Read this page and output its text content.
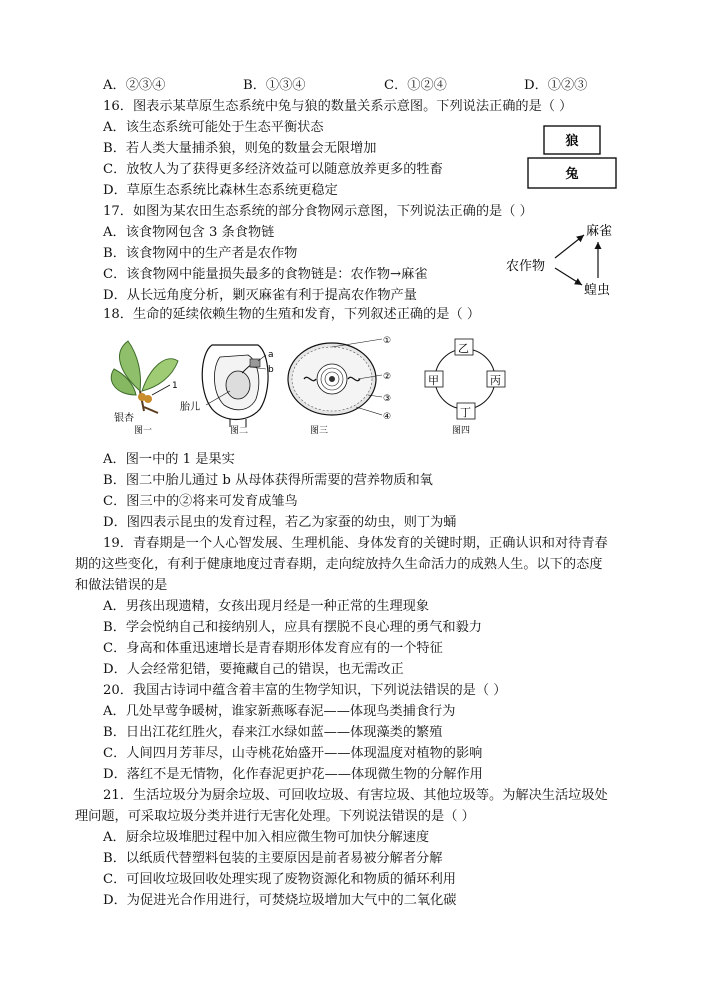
A．②③④	B．①③④	C．①②④	D．①②③
16．图表示某草原生态系统中兔与狼的数量关系示意图。下列说法正确的是（ ）
A．该生态系统可能处于生态平衡状态
B．若人类大量捕杀狼，则兔的数量会无限增加
C．放牧人为了获得更多经济效益可以随意放养更多的牲畜
D．草原生态系统比森林生态系统更稳定
狼
兔
17．如图为某农田生态系统的部分食物网示意图，下列说法正确的是（ ）
A．该食物网包含 3 条食物链
B．该食物网中的生产者是农作物
C．该食物网中能量损失最多的食物链是：农作物→麻雀
D．从长远角度分析，剿灭麻雀有利于提高农作物产量
农作物
麻雀
蝗虫
18．生命的延续依赖生物的生殖和发育，下列叙述正确的是（ ）
1
银杏
图一
a
b
胎儿
图二
①
②
③
④
图三
乙
丙
丁
甲
图四
A．图一中的 1 是果实
B．图二中胎儿通过 b 从母体获得所需要的营养物质和氧
C．图三中的②将来可发育成雏鸟
D．图四表示昆虫的发育过程，若乙为家蚕的幼虫，则丁为蛹
19．青春期是一个人心智发展、生理机能、身体发育的关键时期，正确认识和对待青春
期的这些变化，有利于健康地度过青春期，走向绽放持久生命活力的成熟人生。以下的态度
和做法错误的是
A．男孩出现遗精，女孩出现月经是一种正常的生理现象
B．学会悦纳自己和接纳别人，应具有摆脱不良心理的勇气和毅力
C．身高和体重迅速增长是青春期形体发育应有的一个特征
D．人会经常犯错，要掩藏自己的错误，也无需改正
20．我国古诗词中蕴含着丰富的生物学知识，下列说法错误的是（ ）
A．几处早莺争暖树，谁家新燕啄春泥——体现鸟类捕食行为
B．日出江花红胜火，春来江水绿如蓝——体现藻类的繁殖
C．人间四月芳菲尽，山寺桃花始盛开——体现温度对植物的影响
D．落红不是无情物，化作春泥更护花——体现微生物的分解作用
21．生活垃圾分为厨余垃圾、可回收垃圾、有害垃圾、其他垃圾等。为解决生活垃圾处
理问题，可采取垃圾分类并进行无害化处理。下列说法错误的是（ ）
A．厨余垃圾堆肥过程中加入相应微生物可加快分解速度
B．以纸质代替塑料包装的主要原因是前者易被分解者分解
C．可回收垃圾回收处理实现了废物资源化和物质的循环利用
D．为促进光合作用进行，可焚烧垃圾增加大气中的二氧化碳
